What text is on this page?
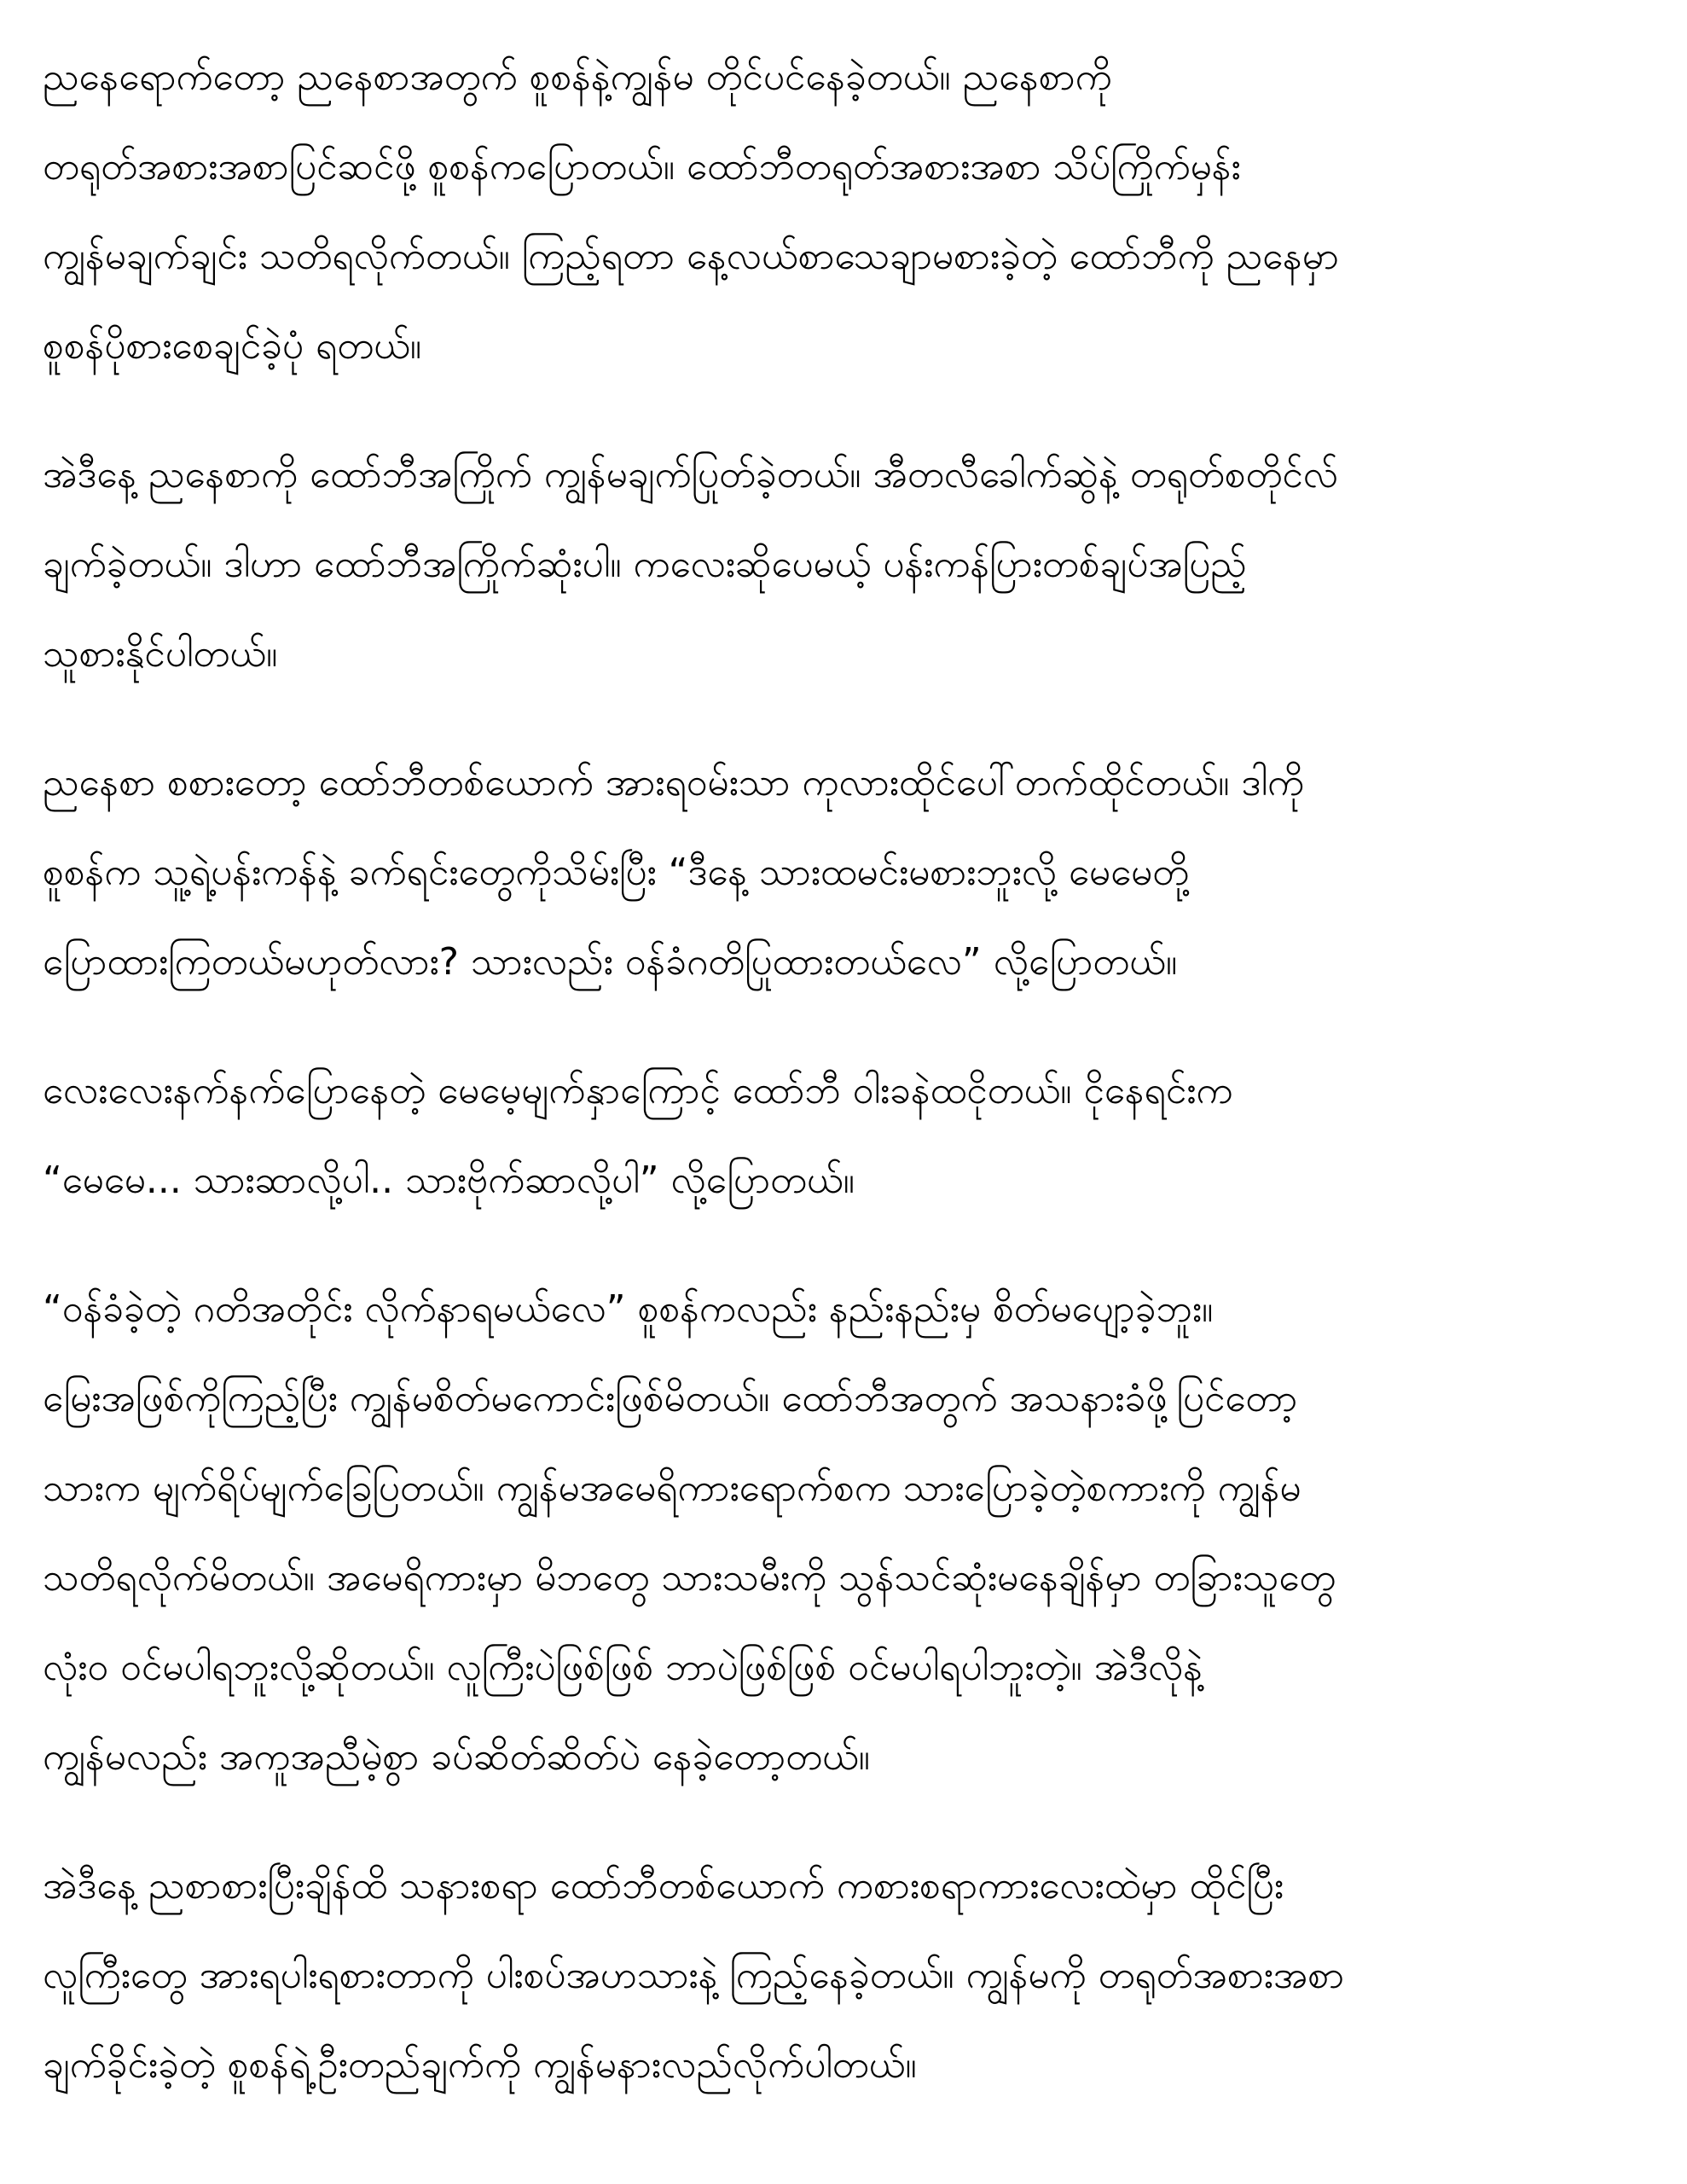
ညနေရောက်တော့ ညနေစာအတွက် စူစန်နဲ့ကျွန်မ တိုင်ပင်နေခဲ့တယ်။ ညနေစာကို
တရုတ်အစားအစာပြင်ဆင်ဖို့ စူစန်ကပြောတယ်။ ထော်ဘီတရုတ်အစားအစာ သိပ်ကြိုက်မှန်း
ကျွန်မချက်ချင်း သတိရလိုက်တယ်။ ကြည့်ရတာ နေ့လယ်စာသေချာမစားခဲ့တဲ့ ထော်ဘီကို ညနေမှာ
စူစန်ပိုစားစေချင်ခဲ့ပုံ ရတယ်။
အဲဒီနေ့ ညနေစာကို ထော်ဘီအကြိုက် ကျွန်မချက်ပြုတ်ခဲ့တယ်။ အီတလီခေါက်ဆွဲနဲ့ တရုတ်စတိုင်လ်
ချက်ခဲ့တယ်။ ဒါဟာ ထော်ဘီအကြိုက်ဆုံးပါ။ ကလေးဆိုပေမယ့် ပန်းကန်ပြားတစ်ချပ်အပြည့်
သူစားနိုင်ပါတယ်။
ညနေစာ စစားတော့ ထော်ဘီတစ်ယောက် အားရဝမ်းသာ ကုလားထိုင်ပေါ်တက်ထိုင်တယ်။ ဒါကို
စူစန်က သူ့ရဲ့ပန်းကန်နဲ့ ခက်ရင်းတွေကိုသိမ်းပြီး “ဒီနေ့ သားထမင်းမစားဘူးလို့ မေမေတို့
ပြောထားကြတယ်မဟုတ်လား? သားလည်း ဝန်ခံဂတိပြုထားတယ်လေ” လို့ပြောတယ်။
လေးလေးနက်နက်ပြောနေတဲ့ မေမေ့မျက်နှာကြောင့် ထော်ဘီ ဝါးခနဲထငိုတယ်။ ငိုနေရင်းက
“မေမေ... သားဆာလို့ပါ.. သားဗိုက်ဆာလို့ပါ” လို့ပြောတယ်။
“ဝန်ခံခဲ့တဲ့ ဂတိအတိုင်း လိုက်နာရမယ်လေ” စူစန်ကလည်း နည်းနည်းမှ စိတ်မပျော့ခဲ့ဘူး။
မြေးအဖြစ်ကိုကြည့်ပြီး ကျွန်မစိတ်မကောင်းဖြစ်မိတယ်။ ထော်ဘီအတွက် အသနားခံဖို့ပြင်တော့
သားက မျက်ရိပ်မျက်ခြေပြတယ်။ ကျွန်မအမေရိကားရောက်စက သားပြောခဲ့တဲ့စကားကို ကျွန်မ
သတိရလိုက်မိတယ်။ အမေရိကားမှာ မိဘတွေ သားသမီးကို သွန်သင်ဆုံးမနေချိန်မှာ တခြားသူတွေ
လုံးဝ ဝင်မပါရဘူးလို့ဆိုတယ်။ လူကြီးပဲဖြစ်ဖြစ် ဘာပဲဖြစ်ဖြစ် ဝင်မပါရပါဘူးတဲ့။ အဲဒီလိုနဲ့
ကျွန်မလည်း အကူအညီမဲ့စွာ ခပ်ဆိတ်ဆိတ်ပဲ နေခဲ့တော့တယ်။
အဲဒီနေ့ ညစာစားပြီးချိန်ထိ သနားစရာ ထော်ဘီတစ်ယောက် ကစားစရာကားလေးထဲမှာ ထိုင်ပြီး
လူကြီးတွေ အားရပါးရစားတာကို ပါးစပ်အဟသားနဲ့ ကြည့်နေခဲ့တယ်။ ကျွန်မကို တရုတ်အစားအစာ
ချက်ခိုင်းခဲ့တဲ့ စူစန်ရဲ့ဦးတည်ချက်ကို ကျွန်မနားလည်လိုက်ပါတယ်။
